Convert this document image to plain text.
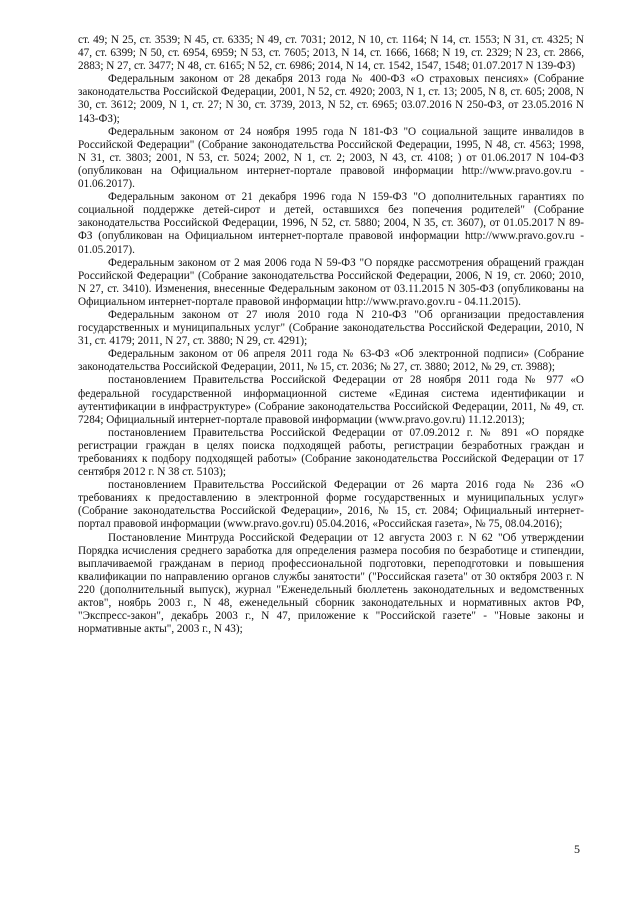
ст. 49; N 25, ст. 3539; N 45, ст. 6335; N 49, ст. 7031; 2012, N 10, ст. 1164; N 14, ст. 1553; N 31, ст. 4325; N 47, ст. 6399; N 50, ст. 6954, 6959; N 53, ст. 7605; 2013, N 14, ст. 1666, 1668; N 19, ст. 2329; N 23, ст. 2866, 2883; N 27, ст. 3477; N 48, ст. 6165; N 52, ст. 6986; 2014, N 14, ст. 1542, 1547, 1548; 01.07.2017 N 139-ФЗ)

Федеральным законом от 28 декабря 2013 года № 400-ФЗ «О страховых пенсиях» (Собрание законодательства Российской Федерации, 2001, N 52, ст. 4920; 2003, N 1, ст. 13; 2005, N 8, ст. 605; 2008, N 30, ст. 3612; 2009, N 1, ст. 27; N 30, ст. 3739, 2013, N 52, ст. 6965; 03.07.2016 N 250-ФЗ, от 23.05.2016 N 143-ФЗ);

Федеральным законом от 24 ноября 1995 года N 181-ФЗ "О социальной защите инвалидов в Российской Федерации" (Собрание законодательства Российской Федерации, 1995, N 48, ст. 4563; 1998, N 31, ст. 3803; 2001, N 53, ст. 5024; 2002, N 1, ст. 2; 2003, N 43, ст. 4108; ) от 01.06.2017 N 104-ФЗ (опубликован на Официальном интернет-портале правовой информации http://www.pravo.gov.ru - 01.06.2017).

Федеральным законом от 21 декабря 1996 года N 159-ФЗ "О дополнительных гарантиях по социальной поддержке детей-сирот и детей, оставшихся без попечения родителей" (Собрание законодательства Российской Федерации, 1996, N 52, ст. 5880; 2004, N 35, ст. 3607), от 01.05.2017 N 89-ФЗ (опубликован на Официальном интернет-портале правовой информации http://www.pravo.gov.ru - 01.05.2017).

Федеральным законом от 2 мая 2006 года N 59-ФЗ "О порядке рассмотрения обращений граждан Российской Федерации" (Собрание законодательства Российской Федерации, 2006, N 19, ст. 2060; 2010, N 27, ст. 3410). Изменения, внесенные Федеральным законом от 03.11.2015 N 305-ФЗ (опубликованы на Официальном интернет-портале правовой информации http://www.pravo.gov.ru - 04.11.2015).

Федеральным законом от 27 июля 2010 года N 210-ФЗ "Об организации предоставления государственных и муниципальных услуг" (Собрание законодательства Российской Федерации, 2010, N 31, ст. 4179; 2011, N 27, ст. 3880; N 29, ст. 4291);

Федеральным законом от 06 апреля 2011 года № 63-ФЗ «Об электронной подписи» (Собрание законодательства Российской Федерации, 2011, № 15, ст. 2036; № 27, ст. 3880; 2012, № 29, ст. 3988);

постановлением Правительства Российской Федерации от 28 ноября 2011 года № 977 «О федеральной государственной информационной системе «Единая система идентификации и аутентификации в инфраструктуре» (Собрание законодательства Российской Федерации, 2011, № 49, ст. 7284; Официальный интернет-портале правовой информации (www.pravo.gov.ru) 11.12.2013);

постановлением Правительства Российской Федерации от 07.09.2012 г. № 891 «О порядке регистрации граждан в целях поиска подходящей работы, регистрации безработных граждан и требованиях к подбору подходящей работы» (Собрание законодательства Российской Федерации от 17 сентября 2012 г. N 38 ст. 5103);

постановлением Правительства Российской Федерации от 26 марта 2016 года № 236 «О требованиях к предоставлению в электронной форме государственных и муниципальных услуг» (Собрание законодательства Российской Федерации», 2016, № 15, ст. 2084; Официальный интернет-портал правовой информации (www.pravo.gov.ru) 05.04.2016, «Российская газета», № 75, 08.04.2016);

Постановление Минтруда Российской Федерации от 12 августа 2003 г. N 62 "Об утверждении Порядка исчисления среднего заработка для определения размера пособия по безработице и стипендии, выплачиваемой гражданам в период профессиональной подготовки, переподготовки и повышения квалификации по направлению органов службы занятости" ("Российская газета" от 30 октября 2003 г. N 220 (дополнительный выпуск), журнал "Еженедельный бюллетень законодательных и ведомственных актов", ноябрь 2003 г., N 48, еженедельный сборник законодательных и нормативных актов РФ, "Экспресс-закон", декабрь 2003 г., N 47, приложение к "Российской газете" - "Новые законы и нормативные акты", 2003 г., N 43);

5
